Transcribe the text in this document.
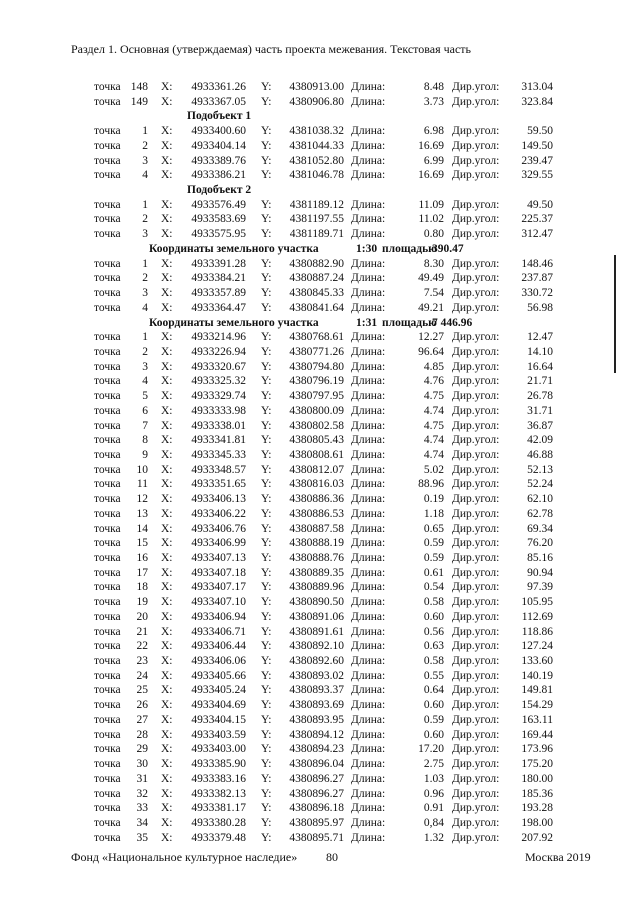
Раздел 1. Основная (утверждаемая) часть проекта межевания. Текстовая часть
точка 148 X: 4933361.26 Y: 4380913.00 Длина:	8.48 Дир.угол:	313.04
точка 149 X: 4933367.05 Y: 4380906.80 Длина:	3.73 Дир.угол:	323.84
Подобъект 1
точка	1 X: 4933400.60 Y: 4381038.32 Длина:	6.98 Дир.угол:	59.50
точка	2 X: 4933404.14 Y: 4381044.33 Длина:	16.69 Дир.угол:	149.50
точка	3 X: 4933389.76 Y: 4381052.80 Длина:	6.99 Дир.угол:	239.47
точка	4 X: 4933386.21 Y: 4381046.78 Длина:	16.69 Дир.угол:	329.55
Подобъект 2
точка	1 X: 4933576.49 Y:	4381189.12 Длина:	11.09 Дир.угол:	49.50
точка	2 X: 4933583.69 Y:	4381197.55 Длина:	11.02 Дир.угол:	225.37
точка	3 X: 4933575.95 Y:	4381189.71 Длина:	0.80 Дир.угол:	312.47
Координаты земельного участка	1:30 площадью
390.47
точка	1 X: 4933391.28 Y: 4380882.90 Длина:	8.30 Дир.угол:	148.46
точка	2 X: 4933384.21 Y: 4380887.24 Длина:	49.49 Дир.угол:	237.87
точка	3 X: 4933357.89 Y: 4380845.33 Длина:	7.54 Дир.угол:	330.72
точка	4 X: 4933364.47 Y: 4380841.64 Длина:	49.21 Дир.угол:	56.98
Координаты земельного участка	1:31 площадью
7 446.96
точка	1 X: 4933214.96 Y: 4380768.61 Длина:	12.27 Дир.угол:	12.47
точка	2 X: 4933226.94 Y: 4380771.26 Длина:	96.64 Дир.угол:	14.10
точка	3 X: 4933320.67 Y: 4380794.80 Длина:	4.85 Дир.угол:	16.64
точка	4 X: 4933325.32 Y: 4380796.19 Длина:	4.76 Дир.угол:	21.71
точка	5 X: 4933329.74 Y: 4380797.95 Длина:	4.75 Дир.угол:	26.78
точка	6 X: 4933333.98 Y: 4380800.09 Длина:	4.74 Дир.угол:	31.71
точка	7 X: 4933338.01 Y: 4380802.58 Длина:	4.75 Дир.угол:	36.87
точка	8 X: 4933341.81 Y: 4380805.43 Длина:	4.74 Дир.угол:	42.09
точка	9 X: 4933345.33 Y: 4380808.61 Длина:	4.74 Дир.угол:	46.88
точка	10 X: 4933348.57 Y: 4380812.07 Длина:	5.02 Дир.угол:	52.13
точка	11 X: 4933351.65 Y: 4380816.03 Длина:	88.96 Дир.угол:	52.24
точка	12 X: 4933406.13 Y: 4380886.36 Длина:	0.19 Дир.угол:	62.10
точка	13 X: 4933406.22 Y: 4380886.53 Длина:	1.18 Дир.угол:	62.78
точка	14 X: 4933406.76 Y: 4380887.58 Длина:	0.65 Дир.угол:	69.34
точка	15 X: 4933406.99 Y: 4380888.19 Длина:	0.59 Дир.угол:	76.20
точка	16 X: 4933407.13 Y: 4380888.76 Длина:	0.59 Дир.угол:	85.16
точка	17 X: 4933407.18 Y: 4380889.35 Длина:	0.61 Дир.угол:	90.94
точка	18 X: 4933407.17 Y: 4380889.96 Длина:	0.54 Дир.угол:	97.39
точка	19 X: 4933407.10 Y: 4380890.50 Длина:	0.58 Дир.угол:	105.95
точка	20 X: 4933406.94 Y: 4380891.06 Длина:	0.60 Дир.угол:	112.69
точка	21 X: 4933406.71 Y: 4380891.61 Длина:	0.56 Дир.угол:	118.86
точка	22 X: 4933406.44 Y: 4380892.10 Длина:	0.63 Дир.угол:	127.24
точка	23 X: 4933406.06 Y: 4380892.60 Длина:	0.58 Дир.угол:	133.60
точка	24 X: 4933405.66 Y: 4380893.02 Длина:	0.55 Дир.угол:	140.19
точка	25 X: 4933405.24 Y: 4380893.37 Длина:	0.64 Дир.угол:	149.81
точка	26 X: 4933404.69 Y: 4380893.69 Длина:	0.60 Дир.угол:	154.29
точка	27 X: 4933404.15 Y: 4380893.95 Длина:	0.59 Дир.угол:	163.11
точка	28 X: 4933403.59 Y: 4380894.12 Длина:	0.60 Дир.угол:	169.44
точка	29 X: 4933403.00 Y: 4380894.23 Длина:	17.20 Дир.угол:	173.96
точка	30 X: 4933385.90 Y: 4380896.04 Длина:	2.75 Дир.угол:	175.20
точка	31 X: 4933383.16 Y: 4380896.27 Длина:	1.03 Дир.угол:	180.00
точка	32 X: 4933382.13 Y: 4380896.27 Длина:	0.96 Дир.угол:	185.36
точка	33 X: 4933381.17 Y: 4380896.18 Длина:	0.91 Дир.угол:	193.28
точка	34 X: 4933380.28 Y: 4380895.97 Длина:	0,84 Дир.угол:	198.00
точка	35 X: 4933379.48 Y: 4380895.71 Длина:	1.32 Дир.угол:	207.92
Фонд «Национальное культурное наследие» 80	Москва 2019
